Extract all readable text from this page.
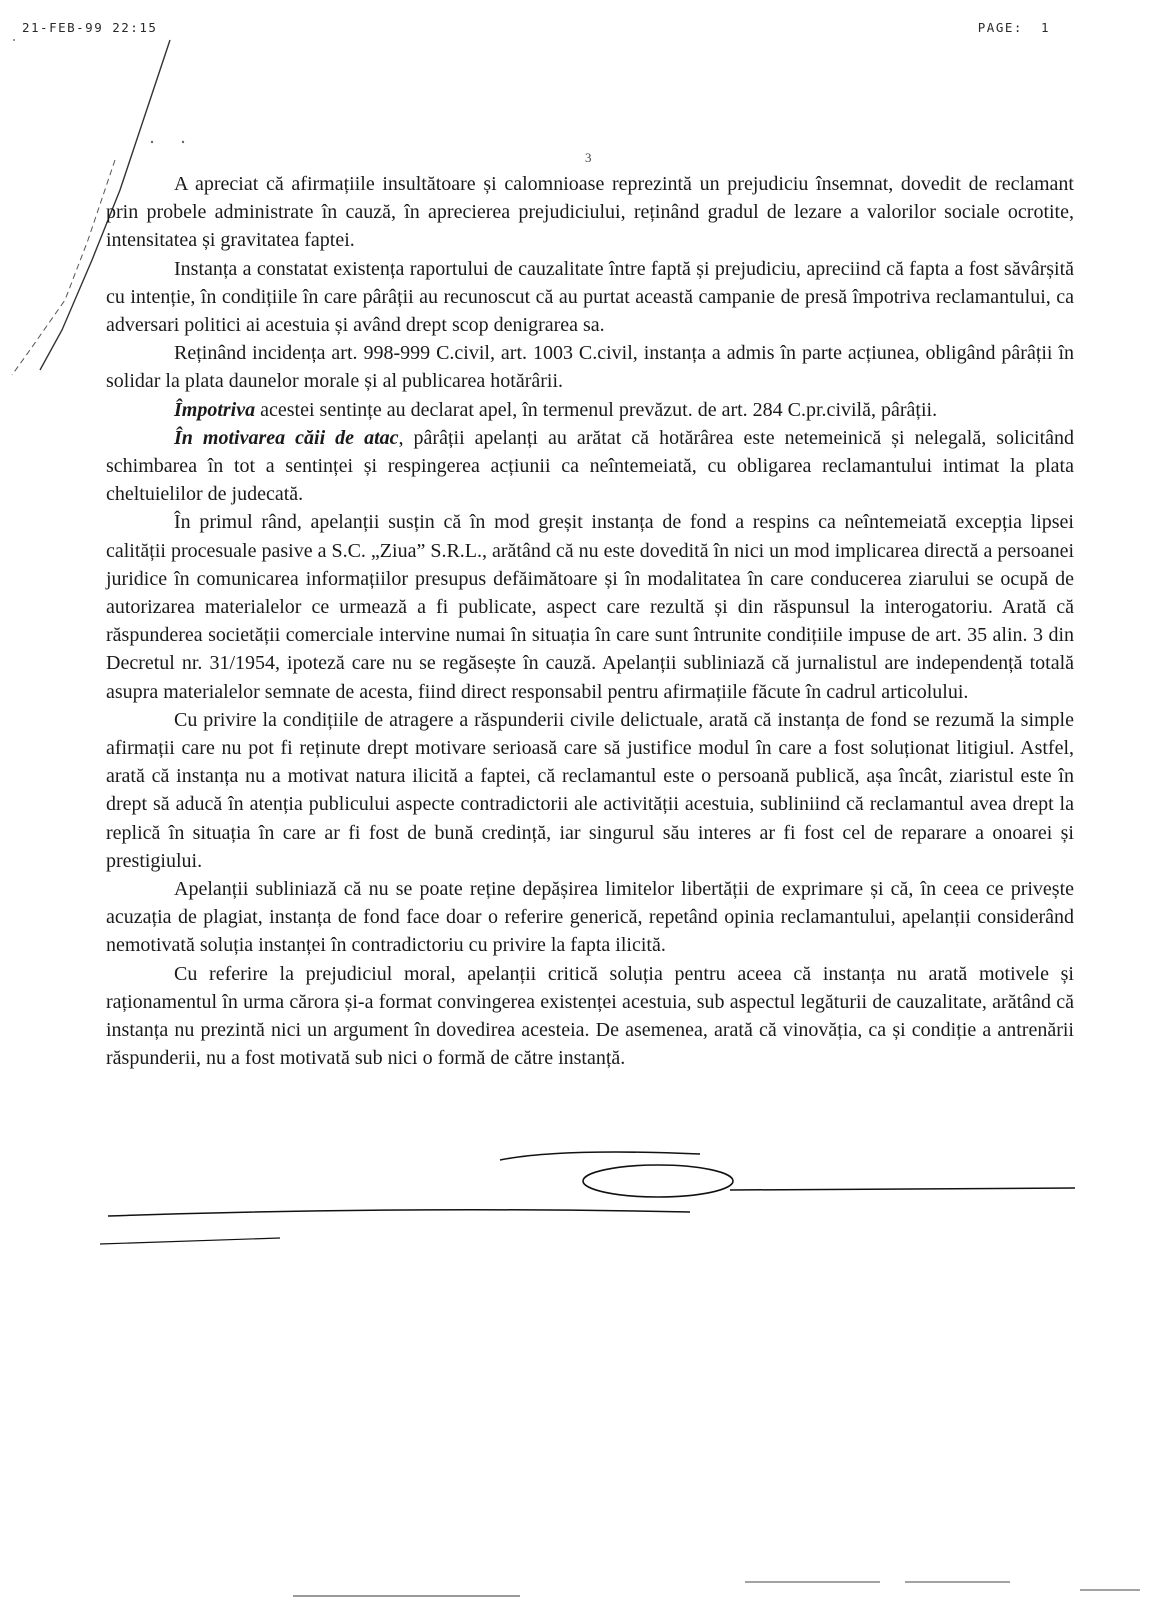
21-FEB-99 22:15	PAGE: 1
3

A apreciat că afirmațiile insultătoare și calomnioase reprezintă un prejudiciu însemnat, dovedit de reclamant prin probele administrate în cauză, în aprecierea prejudiciului, reținând gradul de lezare a valorilor sociale ocrotite, intensitatea și gravitatea faptei.

Instanța a constatat existența raportului de cauzalitate între faptă și prejudiciu, apreciind că fapta a fost săvârșită cu intenție, în condițiile în care pârâții au recunoscut că au purtat această campanie de presă împotriva reclamantului, ca adversari politici ai acestuia și având drept scop denigrarea sa.

Reținând incidența art. 998-999 C.civil, art. 1003 C.civil, instanța a admis în parte acțiunea, obligând pârâții în solidar la plata daunelor morale și al publicarea hotărârii.

Împotriva acestei sentințe au declarat apel, în termenul prevăzut. de art. 284 C.pr.civilă, pârâții.

În motivarea căii de atac, pârâții apelanți au arătat că hotărârea este netemeinică și nelegală, solicitând schimbarea în tot a sentinței și respingerea acțiunii ca neîntemeiată, cu obligarea reclamantului intimat la plata cheltuielilor de judecată.

În primul rând, apelanții susțin că în mod greșit instanța de fond a respins ca neîntemeiată excepția lipsei calității procesuale pasive a S.C. „Ziua” S.R.L., arătând că nu este dovedită în nici un mod implicarea directă a persoanei juridice în comunicarea informațiilor presupus defăimătoare și în modalitatea în care conducerea ziarului se ocupă de autorizarea materialelor ce urmează a fi publicate, aspect care rezultă și din răspunsul la interogatoriu. Arată că răspunderea societății comerciale intervine numai în situația în care sunt întrunite condițiile impuse de art. 35 alin. 3 din Decretul nr. 31/1954, ipoteză care nu se regăsește în cauză. Apelanții subliniază că jurnalistul are independență totală asupra materialelor semnate de acesta, fiind direct responsabil pentru afirmațiile făcute în cadrul articolului.

Cu privire la condițiile de atragere a răspunderii civile delictuale, arată că instanța de fond se rezumă la simple afirmații care nu pot fi reținute drept motivare serioasă care să justifice modul în care a fost soluționat litigiul. Astfel, arată că instanța nu a motivat natura ilicită a faptei, că reclamantul este o persoană publică, așa încât, ziaristul este în drept să aducă în atenția publicului aspecte contradictorii ale activității acestuia, subliniind că reclamantul avea drept la replică în situația în care ar fi fost de bună credință, iar singurul său interes ar fi fost cel de reparare a onoarei și prestigiului.

Apelanții subliniază că nu se poate reține depășirea limitelor libertății de exprimare și că, în ceea ce privește acuzația de plagiat, instanța de fond face doar o referire generică, repetând opinia reclamantului, apelanții considerând nemotivată soluția instanței în contradictoriu cu privire la fapta ilicită.

Cu referire la prejudiciul moral, apelanții critică soluția pentru aceea că instanța nu arată motivele și raționamentul în urma cărora și-a format convingerea existenței acestuia, sub aspectul legăturii de cauzalitate, arătând că instanța nu prezintă nici un argument în dovedirea acesteia. De asemenea, arată că vinovăția, ca și condiție a antrenării răspunderii, nu a fost motivată sub nici o formă de către instanță.
